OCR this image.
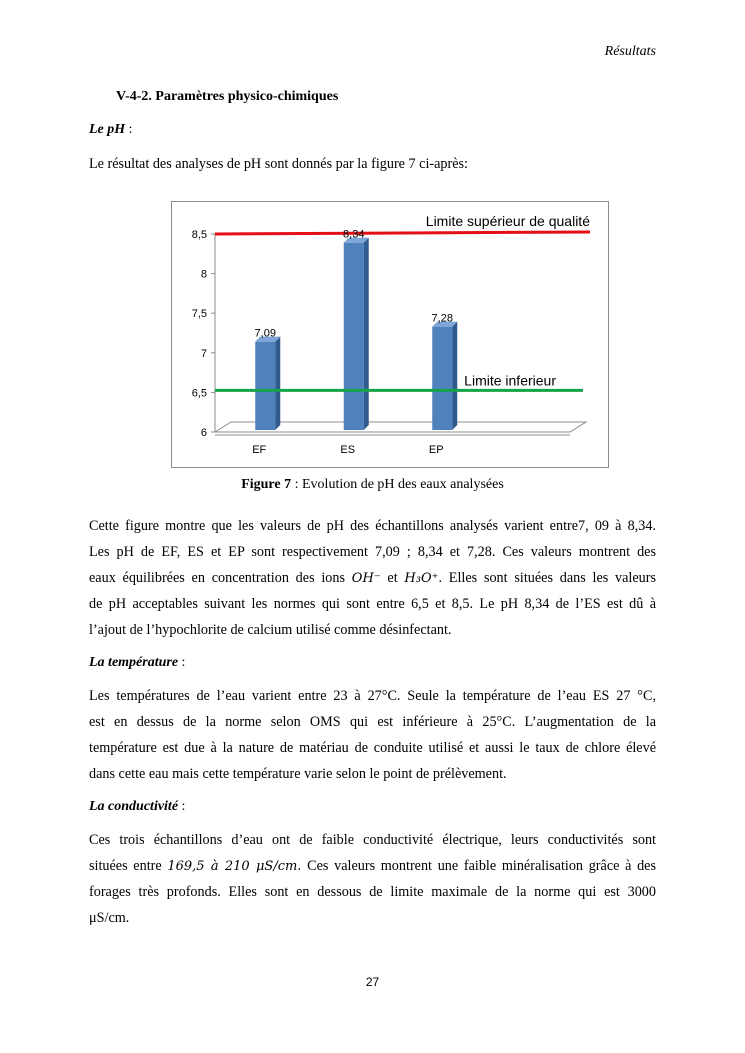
Résultats
V-4-2. Paramètres physico-chimiques
Le pH :
Le résultat des analyses de pH sont donnés par la figure 7 ci-après:
6
6,5
7
7,5
8
8,5
7,09
EF
8,34
ES
7,28
EP
Limite supérieur de qualité
Limite inferieur
Figure 7 : Evolution de pH des eaux analysées
Cette figure montre que les valeurs de pH des échantillons analysés varient entre7, 09 à 8,34.
Les pH de EF, ES et EP sont respectivement 7,09 ; 8,34 et 7,28. Ces valeurs montrent des
eaux équilibrées en concentration des ions OH⁻ et H₃O⁺. Elles sont situées dans les valeurs
de pH acceptables suivant les normes qui sont entre 6,5 et 8,5. Le pH 8,34 de l’ES est dû à
l’ajout de l’hypochlorite de calcium utilisé comme désinfectant.
La température :
Les températures de l’eau varient entre 23 à 27°C. Seule la température de l’eau ES 27 °C,
est en dessus de la norme selon OMS qui est inférieure à 25°C. L’augmentation de la
température est due à la nature de matériau de conduite utilisé et aussi le taux de chlore élevé
dans cette eau mais cette température varie selon le point de prélèvement.
La conductivité :
Ces trois échantillons d’eau ont de faible conductivité électrique, leurs conductivités sont
situées entre 169,5 à 210 μS/cm. Ces valeurs montrent une faible minéralisation grâce à des
forages très profonds. Elles sont en dessous de limite maximale de la norme qui est 3000
μS/cm.
27
